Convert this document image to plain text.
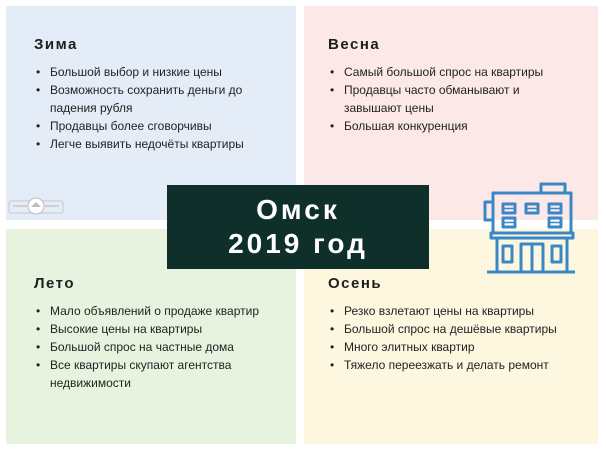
Зима
• Большой выбор и низкие цены
• Возможность сохранить деньги до падения рубля
• Продавцы более сговорчивы
• Легче выявить недочёты квартиры
Весна
• Самый большой спрос на квартиры
• Продавцы часто обманывают и завышают цены
• Большая конкуренция
Лето
• Мало объявлений о продаже квартир
• Высокие цены на квартиры
• Большой спрос на частные дома
• Все квартиры скупают агентства недвижимости
Осень
• Резко взлетают цены на квартиры
• Большой спрос на дешёвые квартиры
• Много элитных квартир
• Тяжело переезжать и делать ремонт
Омск
2019 год
